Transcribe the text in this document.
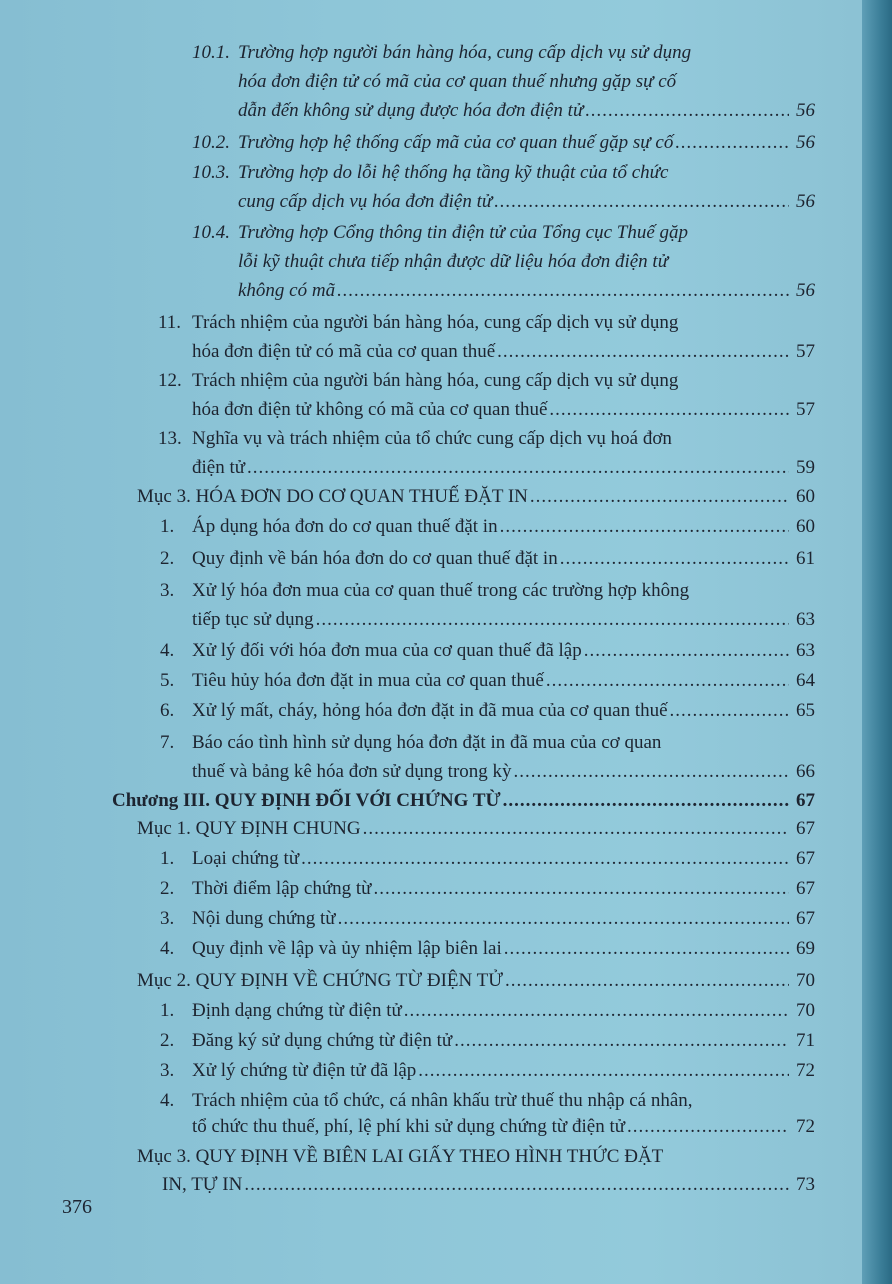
10.1. Trường hợp người bán hàng hóa, cung cấp dịch vụ sử dụng
hóa đơn điện tử có mã của cơ quan thuế nhưng gặp sự cố
dẫn đến không sử dụng được hóa đơn điện tử .....	56
10.2. Trường hợp hệ thống cấp mã của cơ quan thuế gặp sự cố .....	56
10.3. Trường hợp do lỗi hệ thống hạ tầng kỹ thuật của tổ chức
cung cấp dịch vụ hóa đơn điện tử .....	56
10.4. Trường hợp Cổng thông tin điện tử của Tổng cục Thuế gặp
lỗi kỹ thuật chưa tiếp nhận được dữ liệu hóa đơn điện tử
không có mã .....	56
11. Trách nhiệm của người bán hàng hóa, cung cấp dịch vụ sử dụng
hóa đơn điện tử có mã của cơ quan thuế .....	57
12. Trách nhiệm của người bán hàng hóa, cung cấp dịch vụ sử dụng
hóa đơn điện tử không có mã của cơ quan thuế .....	57
13. Nghĩa vụ và trách nhiệm của tổ chức cung cấp dịch vụ hoá đơn
điện tử .....	59
Mục 3. HÓA ĐƠN DO CƠ QUAN THUẾ ĐẶT IN .....	60
1. Áp dụng hóa đơn do cơ quan thuế đặt in .....	60
2. Quy định về bán hóa đơn do cơ quan thuế đặt in .....	61
3. Xử lý hóa đơn mua của cơ quan thuế trong các trường hợp không
tiếp tục sử dụng .....	63
4. Xử lý đối với hóa đơn mua của cơ quan thuế đã lập .....	63
5. Tiêu hủy hóa đơn đặt in mua của cơ quan thuế .....	64
6. Xử lý mất, cháy, hỏng hóa đơn đặt in đã mua của cơ quan thuế .....	65
7. Báo cáo tình hình sử dụng hóa đơn đặt in đã mua của cơ quan
thuế và bảng kê hóa đơn sử dụng trong kỳ .....	66
Chương III. QUY ĐỊNH ĐỐI VỚI CHỨNG TỪ .....	67
Mục 1. QUY ĐỊNH CHUNG .....	67
1. Loại chứng từ .....	67
2. Thời điểm lập chứng từ .....	67
3. Nội dung chứng từ .....	67
4. Quy định về lập và ủy nhiệm lập biên lai .....	69
Mục 2. QUY ĐỊNH VỀ CHỨNG TỪ ĐIỆN TỬ .....	70
1. Định dạng chứng từ điện tử .....	70
2. Đăng ký sử dụng chứng từ điện tử .....	71
3. Xử lý chứng từ điện tử đã lập .....	72
4. Trách nhiệm của tổ chức, cá nhân khấu trừ thuế thu nhập cá nhân,
tổ chức thu thuế, phí, lệ phí khi sử dụng chứng từ điện tử .....	72
Mục 3. QUY ĐỊNH VỀ BIÊN LAI GIẤY THEO HÌNH THỨC ĐẶT
IN, TỰ IN .....	73
376
